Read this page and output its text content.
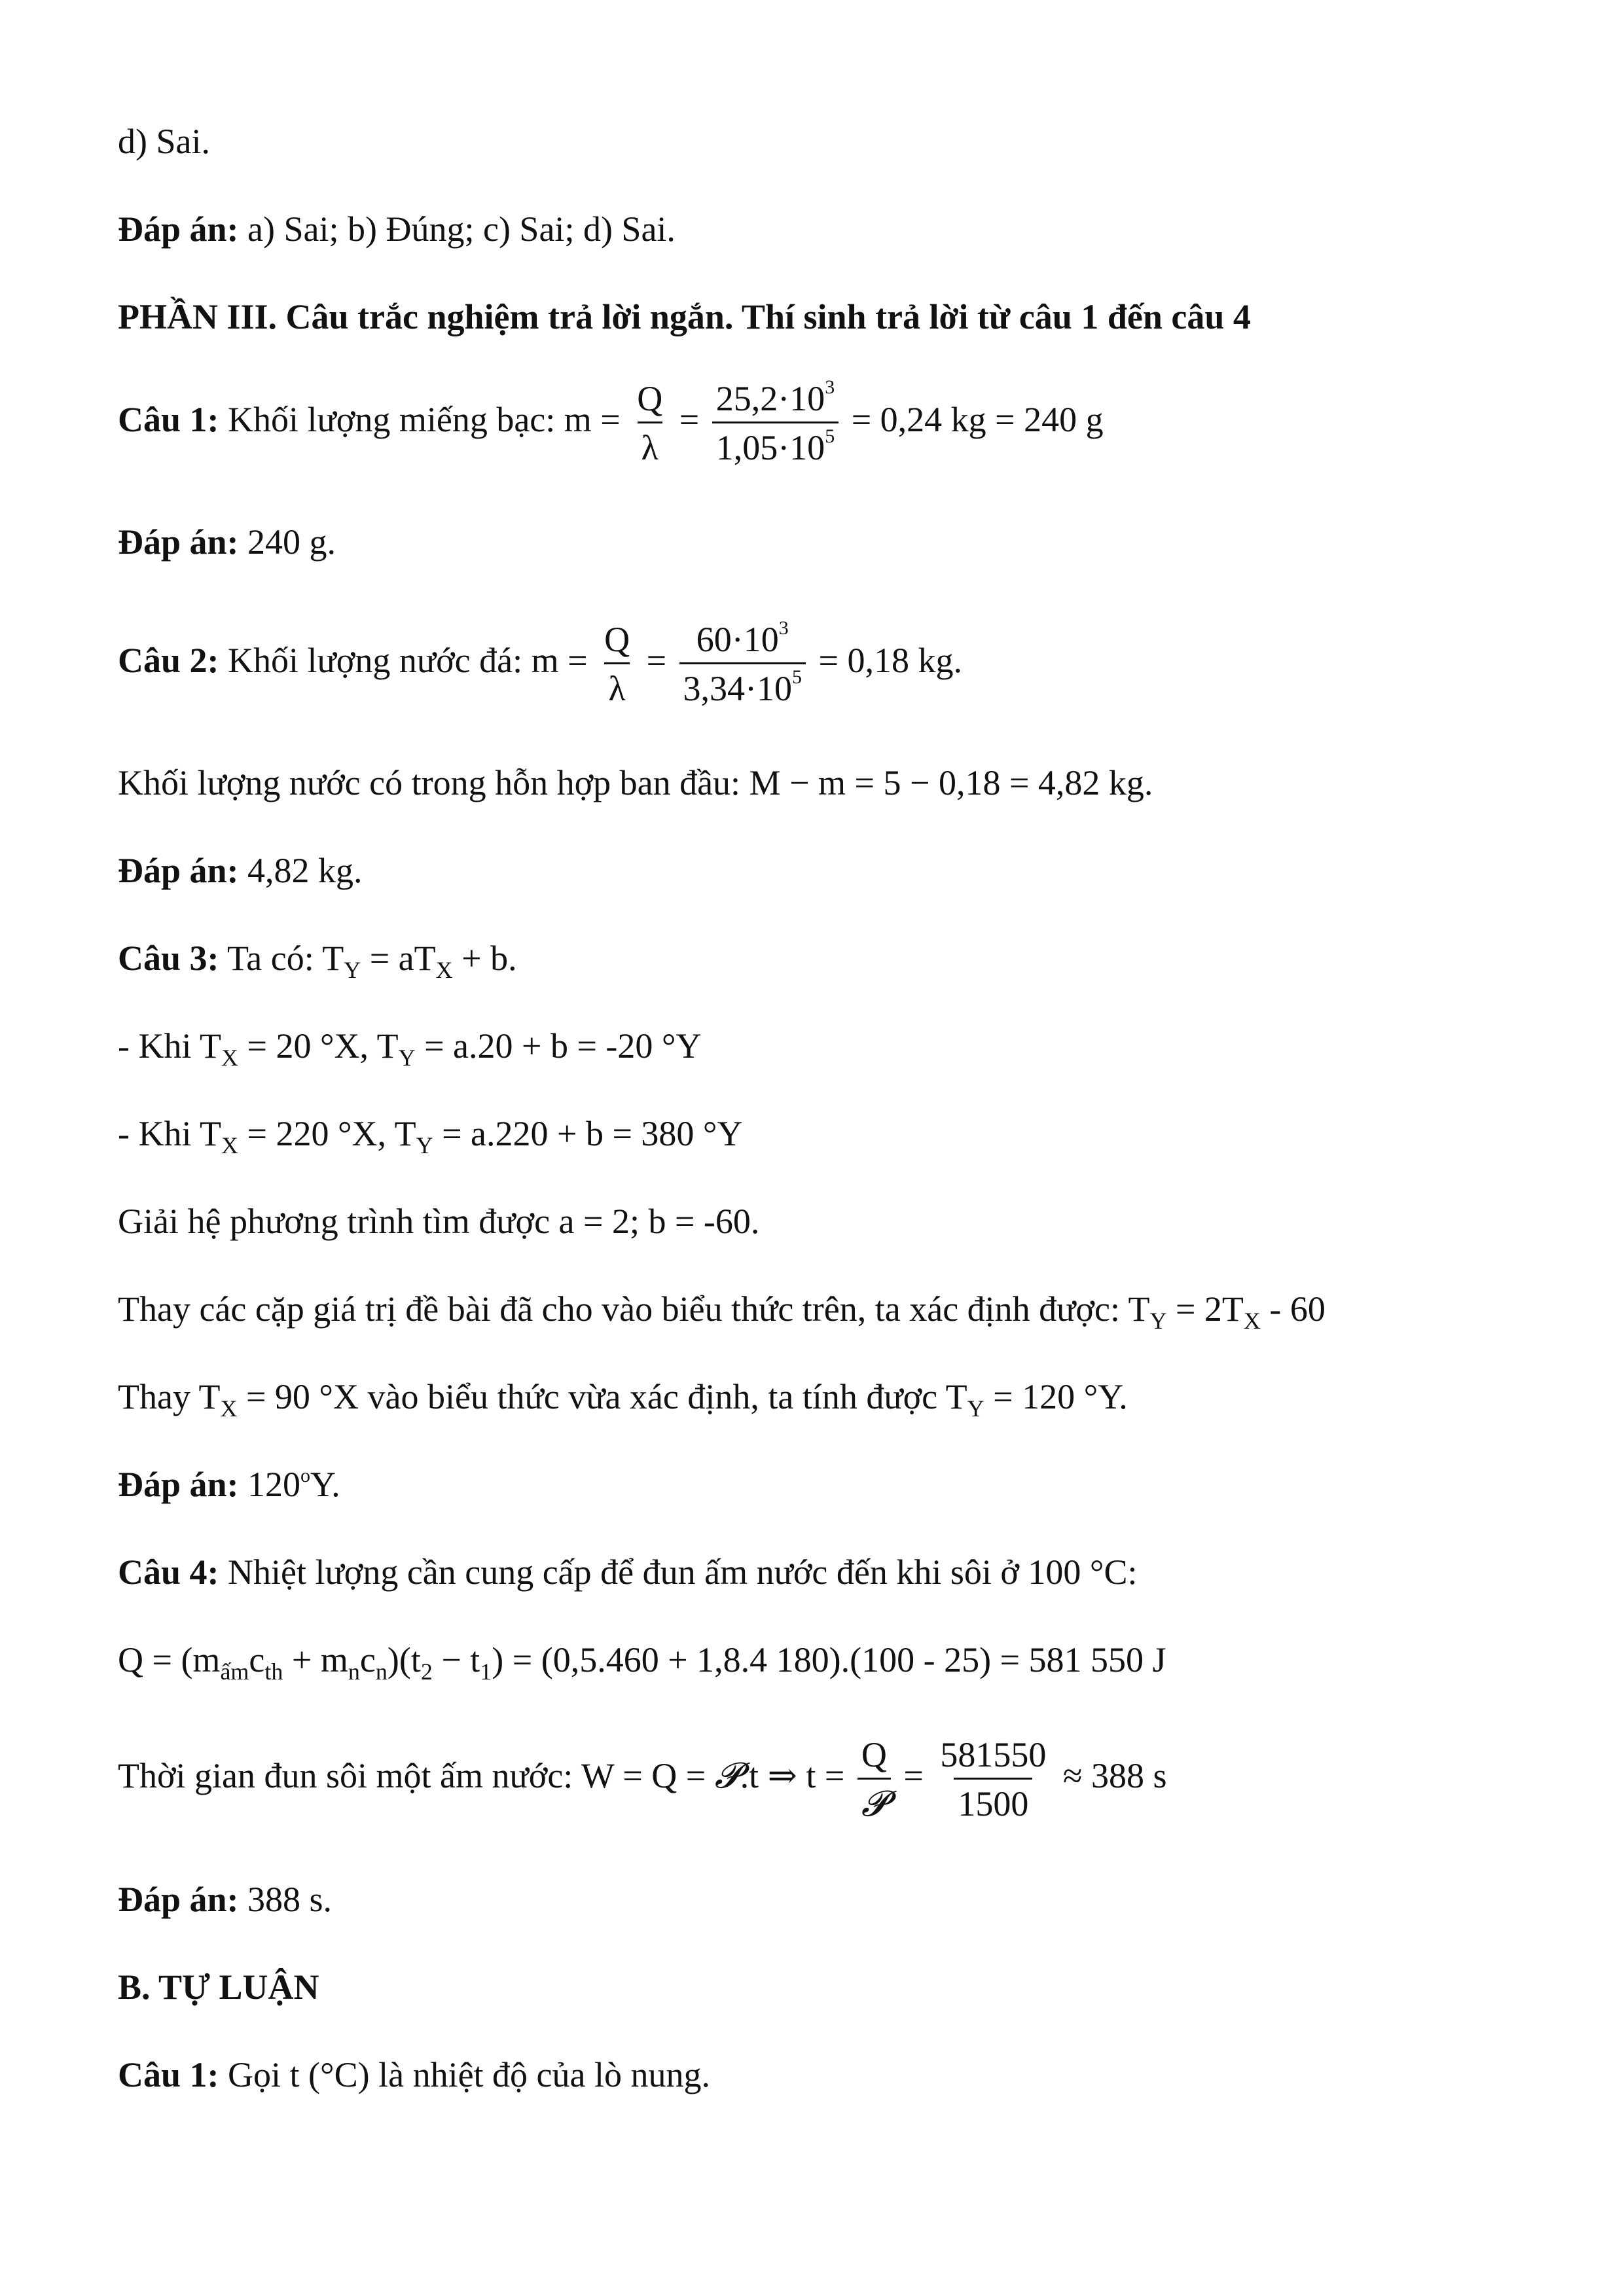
d) Sai.
Đáp án: a) Sai; b) Đúng; c) Sai; d) Sai.
PHẦN III. Câu trắc nghiệm trả lời ngắn. Thí sinh trả lời từ câu 1 đến câu 4
Câu 1: Khối lượng miếng bạc: $m = \frac{Q}{\lambda} = \frac{25,2\cdot 10^3}{1,05\cdot 10^5} = 0,24$ kg = 240 g
Đáp án: 240 g.
Câu 2: Khối lượng nước đá: $m = \frac{Q}{\lambda} = \frac{60\cdot 10^3}{3,34\cdot 10^5} = 0,18$ kg.
Khối lượng nước có trong hỗn hợp ban đầu: M − m = 5 − 0,18 = 4,82 kg.
Đáp án: 4,82 kg.
Câu 3: Ta có: $T_Y = aT_X + b$.
- Khi $T_X = 20$ °X, $T_Y = a.20 + b = -20$ °Y
- Khi $T_X = 220$ °X, $T_Y = a.220 + b = 380$ °Y
Giải hệ phương trình tìm được a = 2; b = -60.
Thay các cặp giá trị đề bài đã cho vào biểu thức trên, ta xác định được: $T_Y = 2T_X - 60$
Thay $T_X = 90$ °X vào biểu thức vừa xác định, ta tính được $T_Y = 120$ °Y.
Đáp án: 120$^o$Y.
Câu 4: Nhiệt lượng cần cung cấp để đun ấm nước đến khi sôi ở 100 °C:
$Q = (m_{ấm}c_{th} + m_nc_n)(t_2 - t_1) = (0,5.460 + 1,8.4$ 180).(100 - 25) = 581 550 J
Thời gian đun sôi một ấm nước: W = Q = 𝓟.t ⇒ $t = \frac{Q}{\text{𝓟}} = \frac{581550}{1500} \approx 388$ s
Đáp án: 388 s.
B. TỰ LUẬN
Câu 1: Gọi t (°C) là nhiệt độ của lò nung.
